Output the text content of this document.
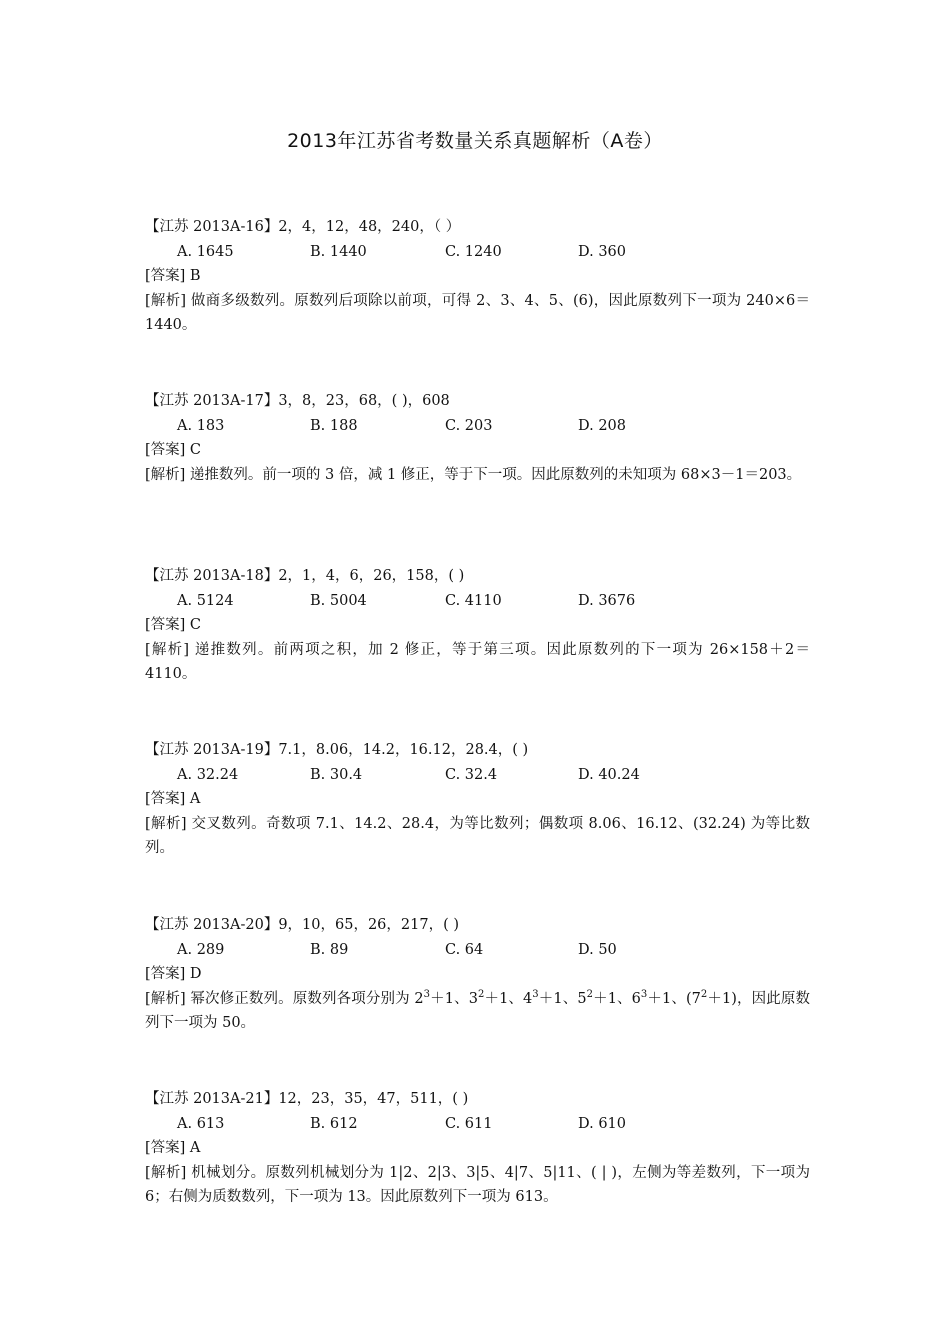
2013年江苏省考数量关系真题解析（A卷）
【江苏 2013A-16】2，4，12，48，240，（ ）
A. 1645	B. 1440	C. 1240	D. 360
[答案] B
[解析] 做商多级数列。原数列后项除以前项，可得 2、3、4、5、(6)，因此原数列下一项为 240×6＝1440。
【江苏 2013A-17】3，8，23，68，( )，608
A. 183	B. 188	C. 203	D. 208
[答案] C
[解析] 递推数列。前一项的 3 倍，减 1 修正，等于下一项。因此原数列的未知项为 68×3－1＝203。
【江苏 2013A-18】2，1，4，6，26，158，( )
A. 5124	B. 5004	C. 4110	D. 3676
[答案] C
[解析] 递推数列。前两项之积，加 2 修正，等于第三项。因此原数列的下一项为 26×158＋2＝4110。
【江苏 2013A-19】7.1，8.06，14.2，16.12，28.4，( )
A. 32.24	B. 30.4	C. 32.4	D. 40.24
[答案] A
[解析] 交叉数列。奇数项 7.1、14.2、28.4，为等比数列；偶数项 8.06、16.12、(32.24) 为等比数列。
【江苏 2013A-20】9，10，65，26，217，( )
A. 289	B. 89	C. 64	D. 50
[答案] D
[解析] 幂次修正数列。原数列各项分别为 $2^3+1$、$3^2+1$、$4^3+1$、$5^2+1$、$6^3+1$、$(7^2+1)$，因此原数列下一项为 50。
【江苏 2013A-21】12，23，35，47，511，( )
A. 613	B. 612	C. 611	D. 610
[答案] A
[解析] 机械划分。原数列机械划分为 1|2、2|3、3|5、4|7、5|11、( | )，左侧为等差数列，下一项为 6；右侧为质数数列，下一项为 13。因此原数列下一项为 613。
